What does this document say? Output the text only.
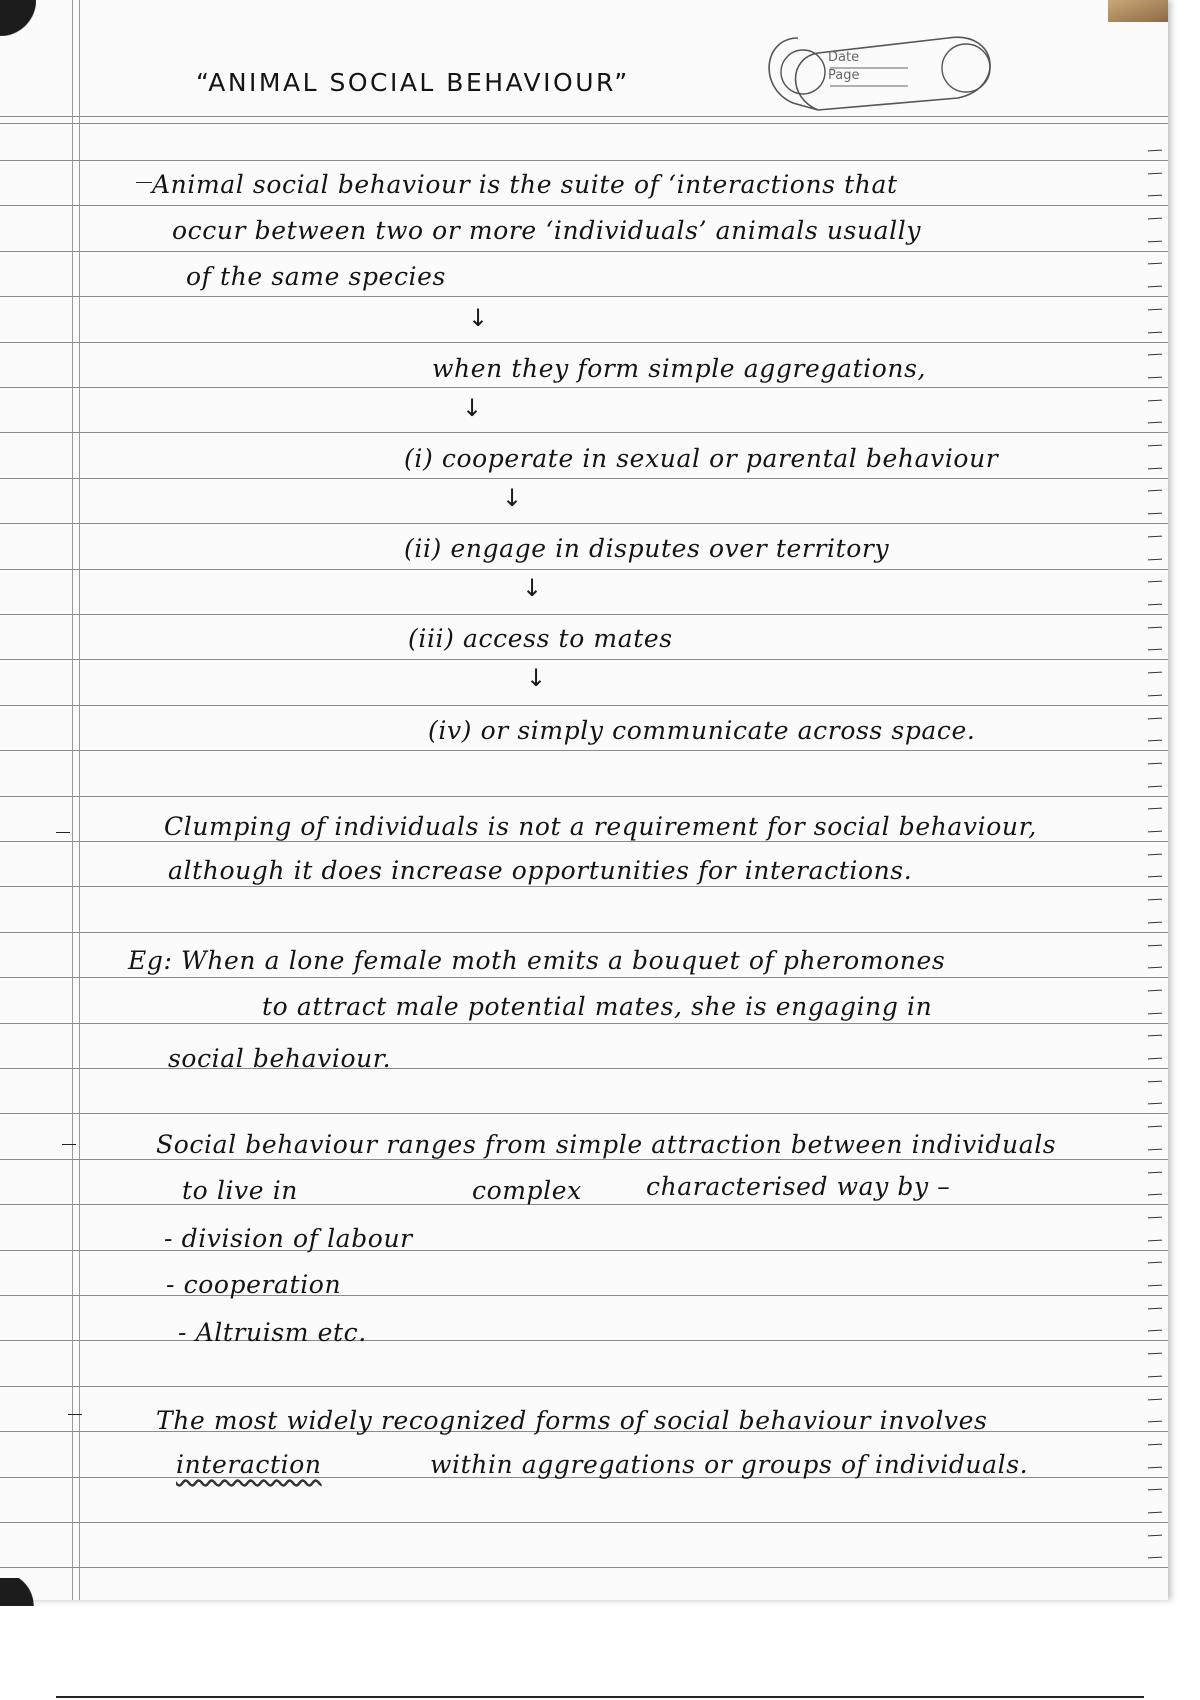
Date
Page
“ANIMAL SOCIAL BEHAVIOUR”
Animal social behaviour is the suite of ‘interactions that
occur between two or more ‘individuals’ animals usually
of the same species
↓
when they form simple aggregations,
↓
(i) cooperate in sexual or parental behaviour
↓
(ii) engage in disputes over territory
↓
(iii) access to mates
↓
(iv) or simply communicate across space.
Clumping of individuals is not a requirement for social behaviour,
although it does increase opportunities for interactions.
Eg: When a lone female moth emits a bouquet of pheromones
to attract male potential mates, she is engaging in
social behaviour.
Social behaviour ranges from simple attraction between individuals
to live in	complex	characterised way by –
- division of labour
- cooperation
- Altruism etc.
The most widely recognized forms of social behaviour involves
interaction	within aggregations or groups of individuals.
